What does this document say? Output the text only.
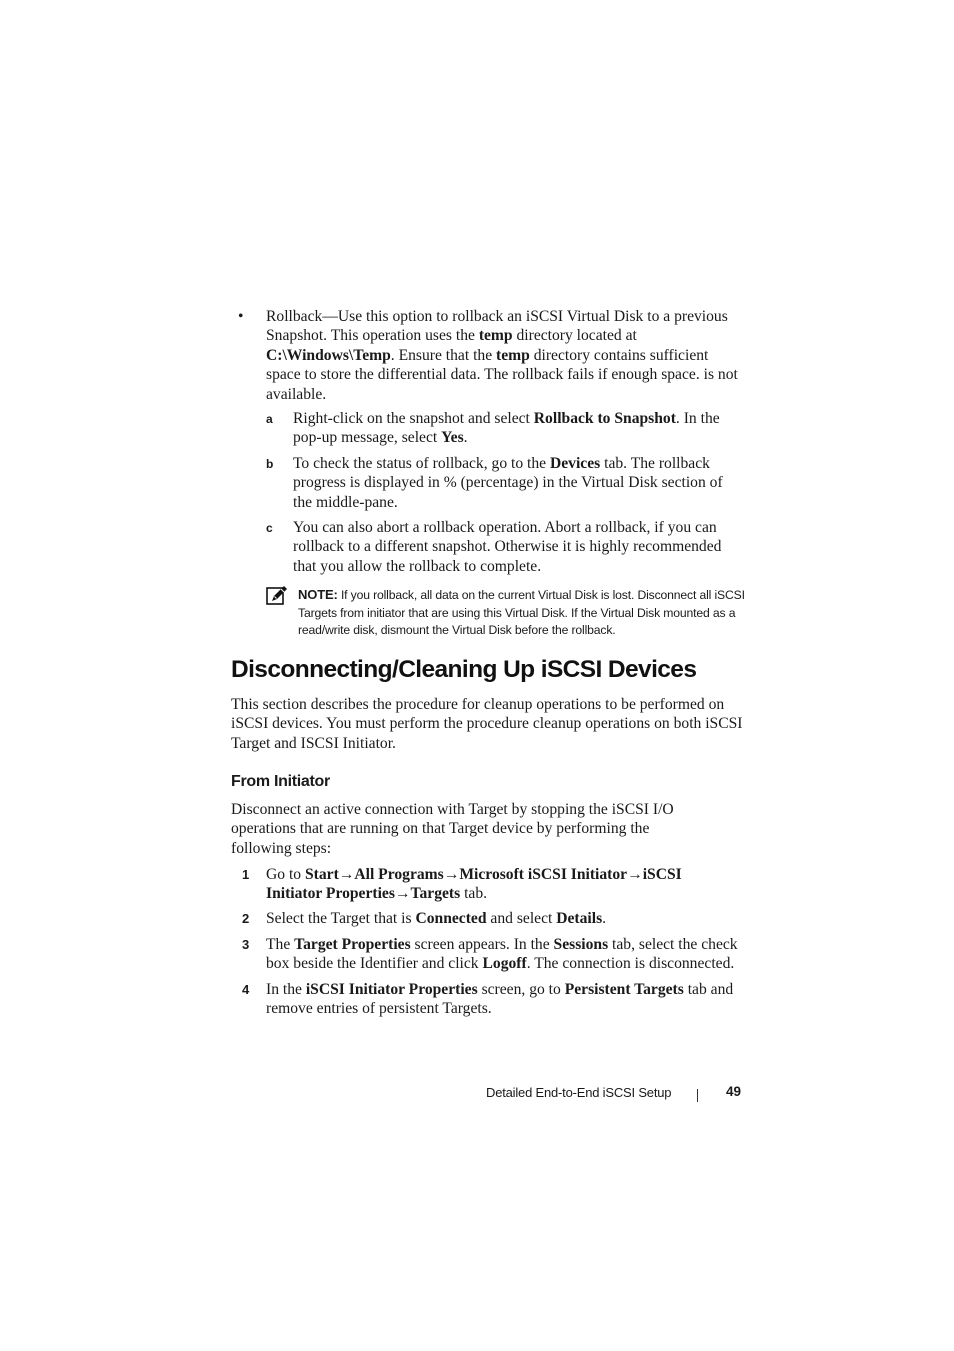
• Rollback—Use this option to rollback an iSCSI Virtual Disk to a previous Snapshot. This operation uses the temp directory located at C:\Windows\Temp. Ensure that the temp directory contains sufficient space to store the differential data. The rollback fails if enough space. is not available.
a Right-click on the snapshot and select Rollback to Snapshot. In the pop-up message, select Yes.
b To check the status of rollback, go to the Devices tab. The rollback progress is displayed in % (percentage) in the Virtual Disk section of the middle-pane.
c You can also abort a rollback operation. Abort a rollback, if you can rollback to a different snapshot. Otherwise it is highly recommended that you allow the rollback to complete.
NOTE: If you rollback, all data on the current Virtual Disk is lost. Disconnect all iSCSI Targets from initiator that are using this Virtual Disk. If the Virtual Disk mounted as a read/write disk, dismount the Virtual Disk before the rollback.
Disconnecting/Cleaning Up iSCSI Devices
This section describes the procedure for cleanup operations to be performed on iSCSI devices. You must perform the procedure cleanup operations on both iSCSI Target and ISCSI Initiator.
From Initiator
Disconnect an active connection with Target by stopping the iSCSI I/O operations that are running on that Target device by performing the following steps:
1 Go to Start→All Programs→Microsoft iSCSI Initiator→iSCSI Initiator Properties→Targets tab.
2 Select the Target that is Connected and select Details.
3 The Target Properties screen appears. In the Sessions tab, select the check box beside the Identifier and click Logoff. The connection is disconnected.
4 In the iSCSI Initiator Properties screen, go to Persistent Targets tab and remove entries of persistent Targets.
Detailed End-to-End iSCSI Setup	49
